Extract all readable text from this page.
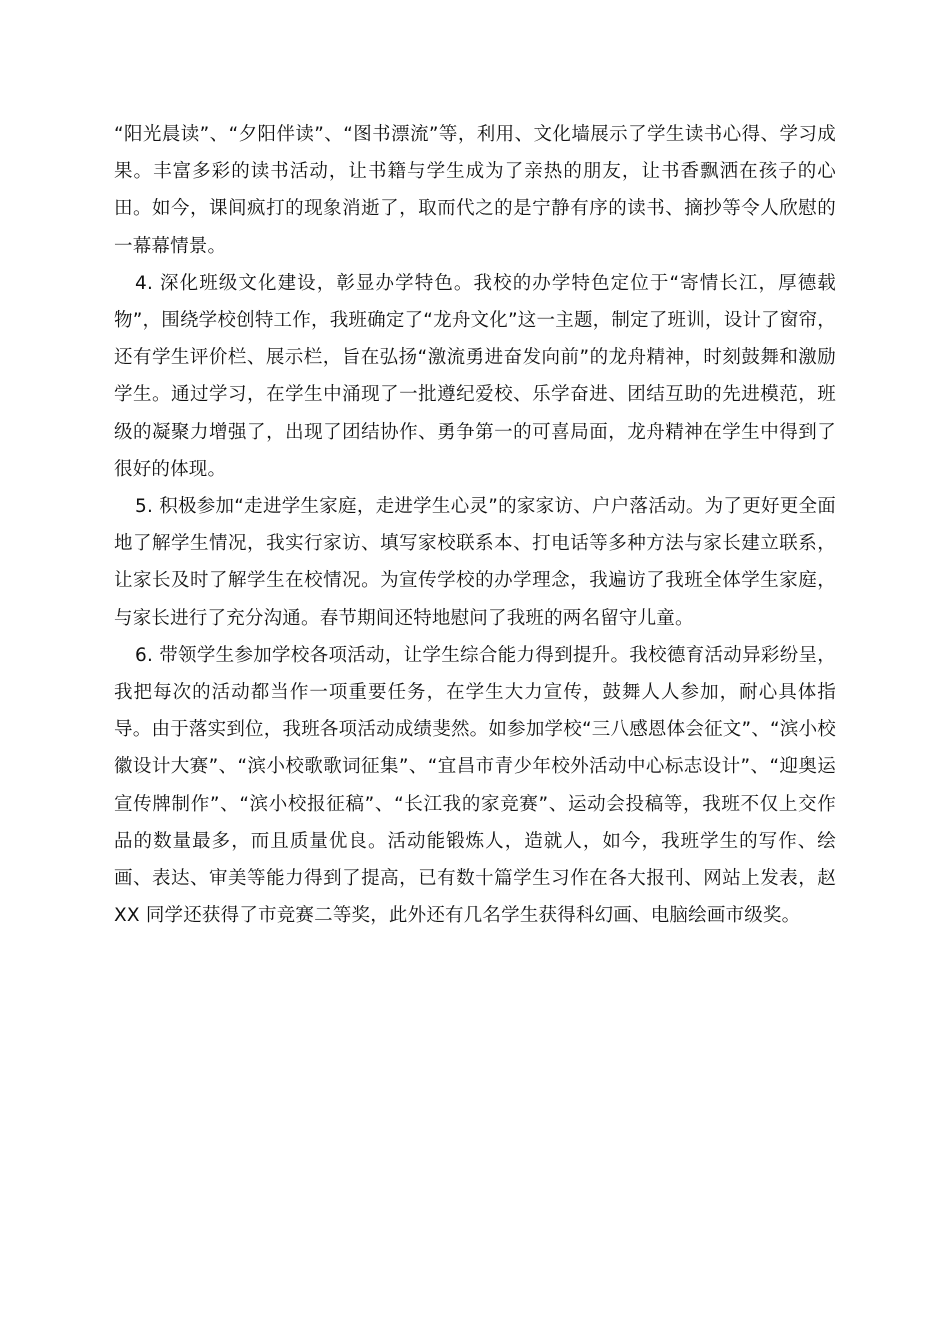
“阳光晨读”、“夕阳伴读”、“图书漂流”等，利用、文化墙展示了学生读书心得、学习成果。丰富多彩的读书活动，让书籍与学生成为了亲热的朋友，让书香飘洒在孩子的心田。如今，课间疯打的现象消逝了，取而代之的是宁静有序的读书、摘抄等令人欣慰的一幕幕情景。

4. 深化班级文化建设，彰显办学特色。我校的办学特色定位于“寄情长江，厚德载物”，围绕学校创特工作，我班确定了“龙舟文化”这一主题，制定了班训，设计了窗帘，还有学生评价栏、展示栏，旨在弘扬“激流勇进奋发向前”的龙舟精神，时刻鼓舞和激励学生。通过学习，在学生中涌现了一批遵纪爱校、乐学奋进、团结互助的先进模范，班级的凝聚力增强了，出现了团结协作、勇争第一的可喜局面，龙舟精神在学生中得到了很好的体现。

5. 积极参加“走进学生家庭，走进学生心灵”的家家访、户户落活动。为了更好更全面地了解学生情况，我实行家访、填写家校联系本、打电话等多种方法与家长建立联系，让家长及时了解学生在校情况。为宣传学校的办学理念，我遍访了我班全体学生家庭，与家长进行了充分沟通。春节期间还特地慰问了我班的两名留守儿童。

6. 带领学生参加学校各项活动，让学生综合能力得到提升。我校德育活动异彩纷呈，我把每次的活动都当作一项重要任务，在学生大力宣传，鼓舞人人参加，耐心具体指导。由于落实到位，我班各项活动成绩斐然。如参加学校“三八感恩体会征文”、“滨小校徽设计大赛”、“滨小校歌歌词征集”、“宜昌市青少年校外活动中心标志设计”、“迎奥运宣传牌制作”、“滨小校报征稿”、“长江我的家竞赛”、运动会投稿等，我班不仅上交作品的数量最多，而且质量优良。活动能锻炼人，造就人，如今，我班学生的写作、绘画、表达、审美等能力得到了提高，已有数十篇学生习作在各大报刊、网站上发表，赵 XX 同学还获得了市竞赛二等奖，此外还有几名学生获得科幻画、电脑绘画市级奖。
